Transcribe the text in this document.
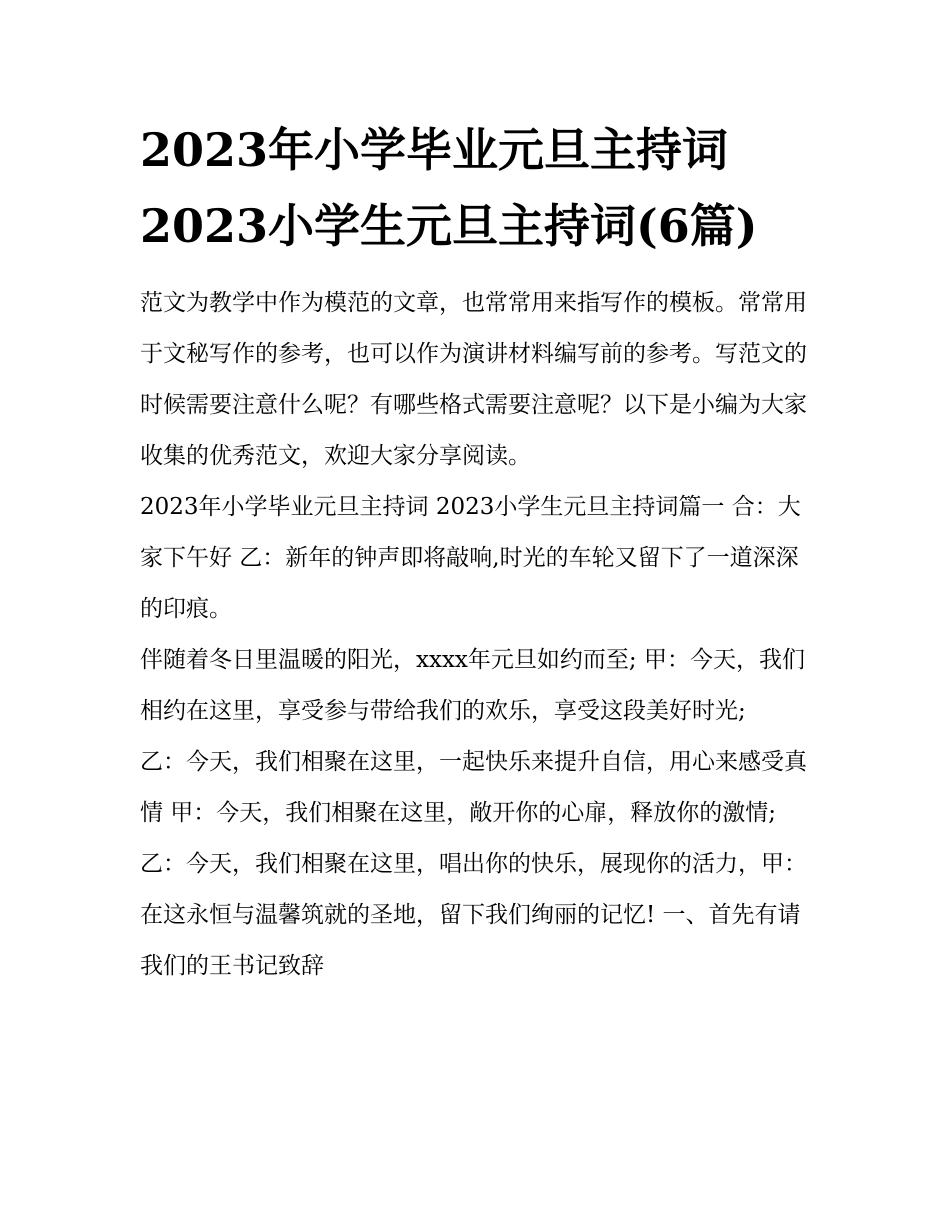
2023年小学毕业元旦主持词
2023小学生元旦主持词(6篇)

范文为教学中作为模范的文章，也常常用来指写作的模板。常常用于文秘写作的参考，也可以作为演讲材料编写前的参考。写范文的时候需要注意什么呢？有哪些格式需要注意呢？以下是小编为大家收集的优秀范文，欢迎大家分享阅读。

2023年小学毕业元旦主持词 2023小学生元旦主持词篇一 合：大家下午好 乙：新年的钟声即将敲响,时光的车轮又留下了一道深深的印痕。

伴随着冬日里温暖的阳光，xxxx年元旦如约而至; 甲：今天，我们相约在这里，享受参与带给我们的欢乐，享受这段美好时光;

乙：今天，我们相聚在这里，一起快乐来提升自信，用心来感受真情 甲：今天，我们相聚在这里，敞开你的心扉，释放你的激情;

乙：今天，我们相聚在这里，唱出你的快乐，展现你的活力，甲：在这永恒与温馨筑就的圣地，留下我们绚丽的记忆! 一、首先有请我们的王书记致辞
